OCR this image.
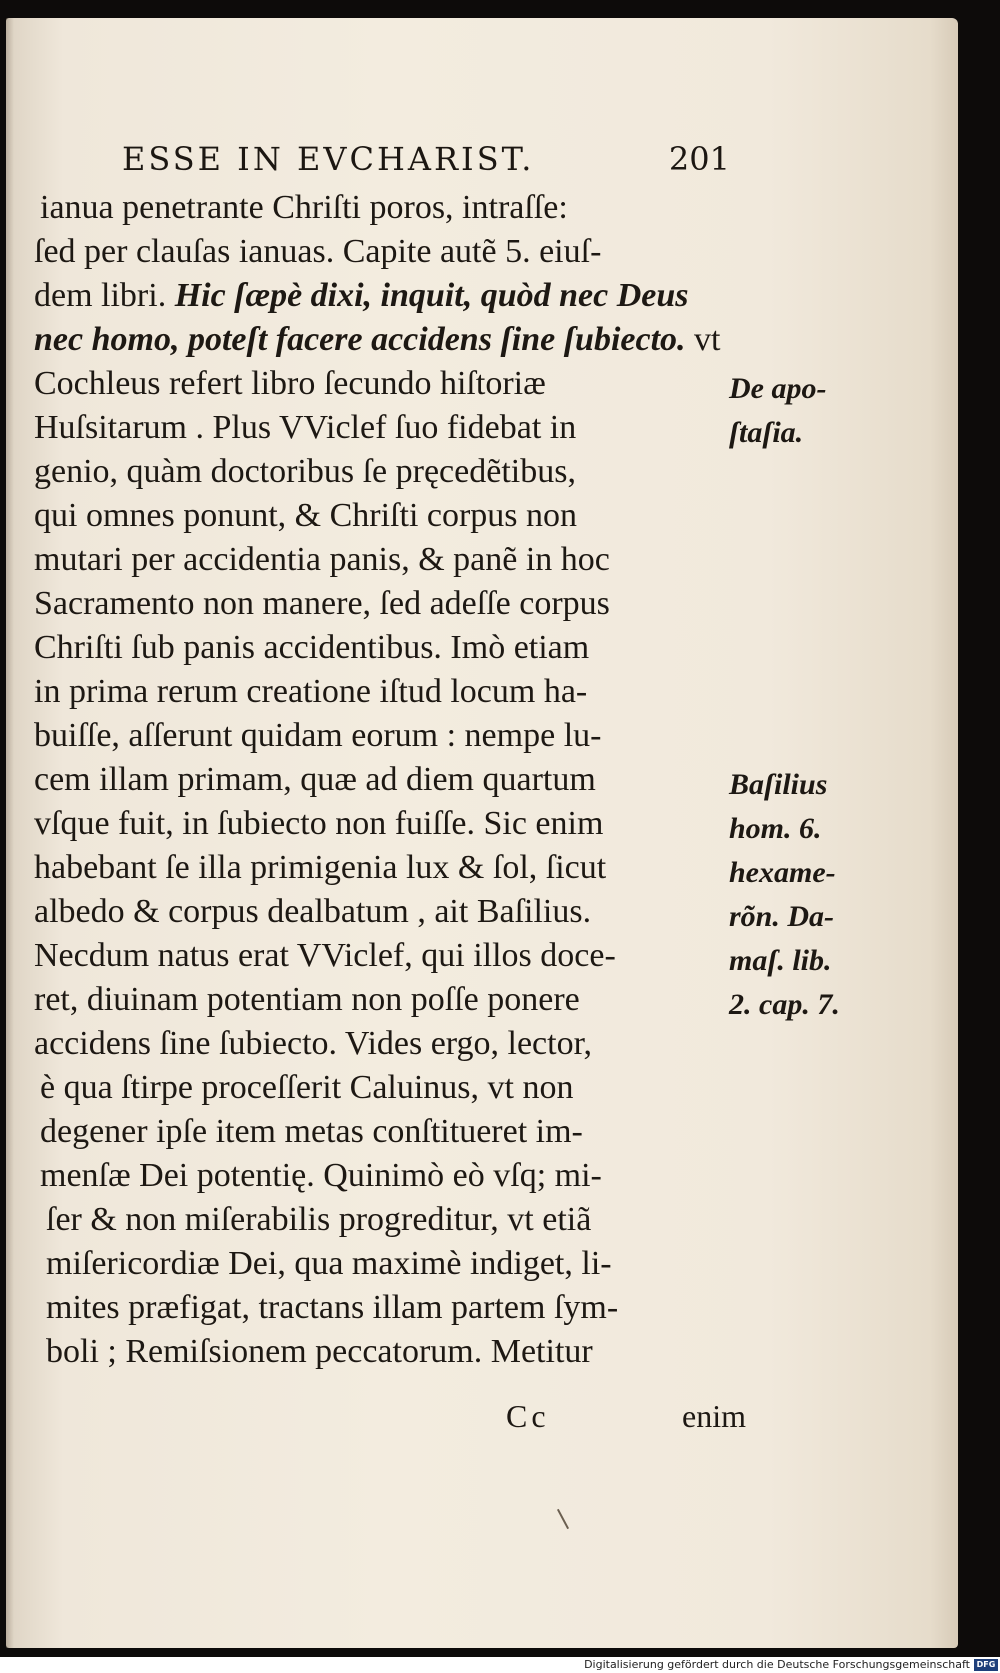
ESSE IN EVCHARIST.	201
ianua penetrante Chriſti poros, intraſſe:
ſed per clauſas ianuas. Capite autẽ 5. eiuſ-
dem libri. Hic ſæpè dixi, inquit, quòd nec Deus
nec homo, poteſt facere accidens ſine ſubiecto. vt
Cochleus refert libro ſecundo hiſtoriæ
Huſsitarum . Plus VViclef ſuo fidebat in
genio, quàm doctoribus ſe pręcedẽtibus,
qui omnes ponunt, & Chriſti corpus non
mutari per accidentia panis, & panẽ in hoc
Sacramento non manere, ſed adeſſe corpus
Chriſti ſub panis accidentibus. Imò etiam
in prima rerum creatione iſtud locum ha-
buiſſe, aſſerunt quidam eorum : nempe lu-
cem illam primam, quæ ad diem quartum
vſque fuit, in ſubiecto non fuiſſe. Sic enim
habebant ſe illa primigenia lux & ſol, ſicut
albedo & corpus dealbatum , ait Baſilius.
Necdum natus erat VViclef, qui illos doce-
ret, diuinam potentiam non poſſe ponere
accidens ſine ſubiecto. Vides ergo, lector,
è qua ſtirpe proceſſerit Caluinus, vt non
degener ipſe item metas conſtitueret im-
menſæ Dei potentię. Quinimò eò vſq; mi-
ſer & non miſerabilis progreditur, vt etiã
miſericordiæ Dei, qua maximè indiget, li-
mites præfigat, tractans illam partem ſym-
boli ; Remiſsionem peccatorum. Metitur
De apo-
ſtaſia.
Baſilius
hom. 6.
hexame-
rõn. Da-
maſ. lib.
2. cap. 7.
Cc	enim
Digitalisierung gefördert durch die Deutsche Forschungsgemeinschaft DFG
